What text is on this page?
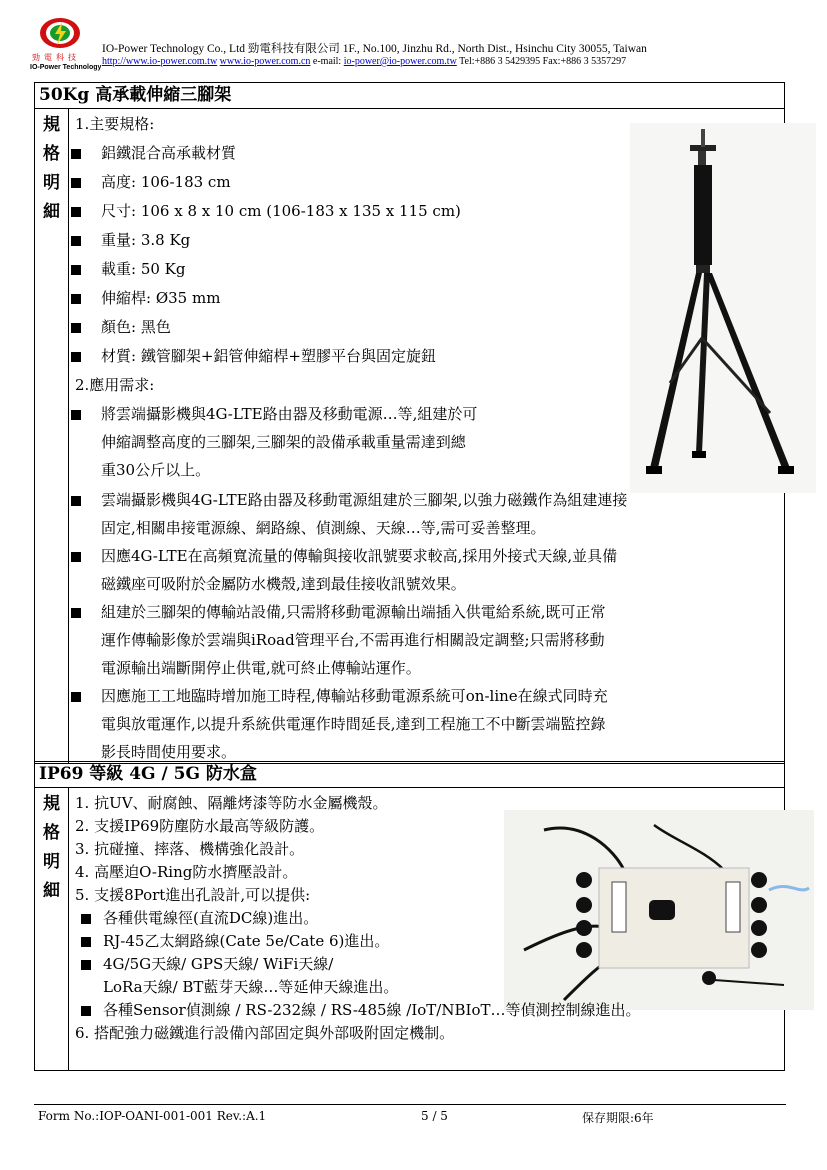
勁電科技
IO-Power Technology
IO-Power Technology Co., Ltd 勁電科技有限公司 1F., No.100, Jinzhu Rd., North Dist., Hsinchu City 30055, Taiwan
http://www.io-power.com.tw www.io-power.com.cn e-mail: io-power@io-power.com.tw Tel:+886 3 5429395 Fax:+886 3 5357297
50Kg 高承載伸縮三腳架

規
格
明
細

1.主要規格:
鋁鐵混合高承載材質
高度: 106-183 cm
尺寸: 106 x 8 x 10 cm (106-183 x 135 x 115 cm)
重量: 3.8 Kg
載重: 50 Kg
伸縮桿: Ø35 mm
顏色: 黑色
材質: 鐵管腳架+鋁管伸縮桿+塑膠平台與固定旋鈕
2.應用需求:
將雲端攝影機與4G-LTE路由器及移動電源…等,組建於可
伸縮調整高度的三腳架,三腳架的設備承載重量需達到總
重30公斤以上。
雲端攝影機與4G-LTE路由器及移動電源組建於三腳架,以強力磁鐵作為組建連接
固定,相關串接電源線、網路線、偵測線、天線…等,需可妥善整理。
因應4G-LTE在高頻寬流量的傳輸與接收訊號要求較高,採用外接式天線,並具備
磁鐵座可吸附於金屬防水機殼,達到最佳接收訊號效果。
組建於三腳架的傳輸站設備,只需將移動電源輸出端插入供電給系統,既可正常
運作傳輸影像於雲端與iRoad管理平台,不需再進行相關設定調整;只需將移動
電源輸出端斷開停止供電,就可終止傳輸站運作。
因應施工工地臨時增加施工時程,傳輸站移動電源系統可on-line在線式同時充
電與放電運作,以提升系統供電運作時間延長,達到工程施工不中斷雲端監控錄
影長時間使用要求。
IP69 等級 4G / 5G 防水盒

規
格
明
細

1. 抗UV、耐腐蝕、隔離烤漆等防水金屬機殼。
2. 支援IP69防塵防水最高等級防護。
3. 抗碰撞、摔落、機構強化設計。
4. 高壓迫O-Ring防水擠壓設計。
5. 支援8Port進出孔設計,可以提供:
各種供電線徑(直流DC線)進出。
RJ-45乙太網路線(Cate 5e/Cate 6)進出。
4G/5G天線/ GPS天線/ WiFi天線/
LoRa天線/ BT藍芽天線…等延伸天線進出。
各種Sensor偵測線 / RS-232線 / RS-485線 /IoT/NBIoT…等偵測控制線進出。
6. 搭配強力磁鐵進行設備內部固定與外部吸附固定機制。
Form No.:IOP-OANI-001-001 Rev.:A.1	5 / 5	保存期限:6年
